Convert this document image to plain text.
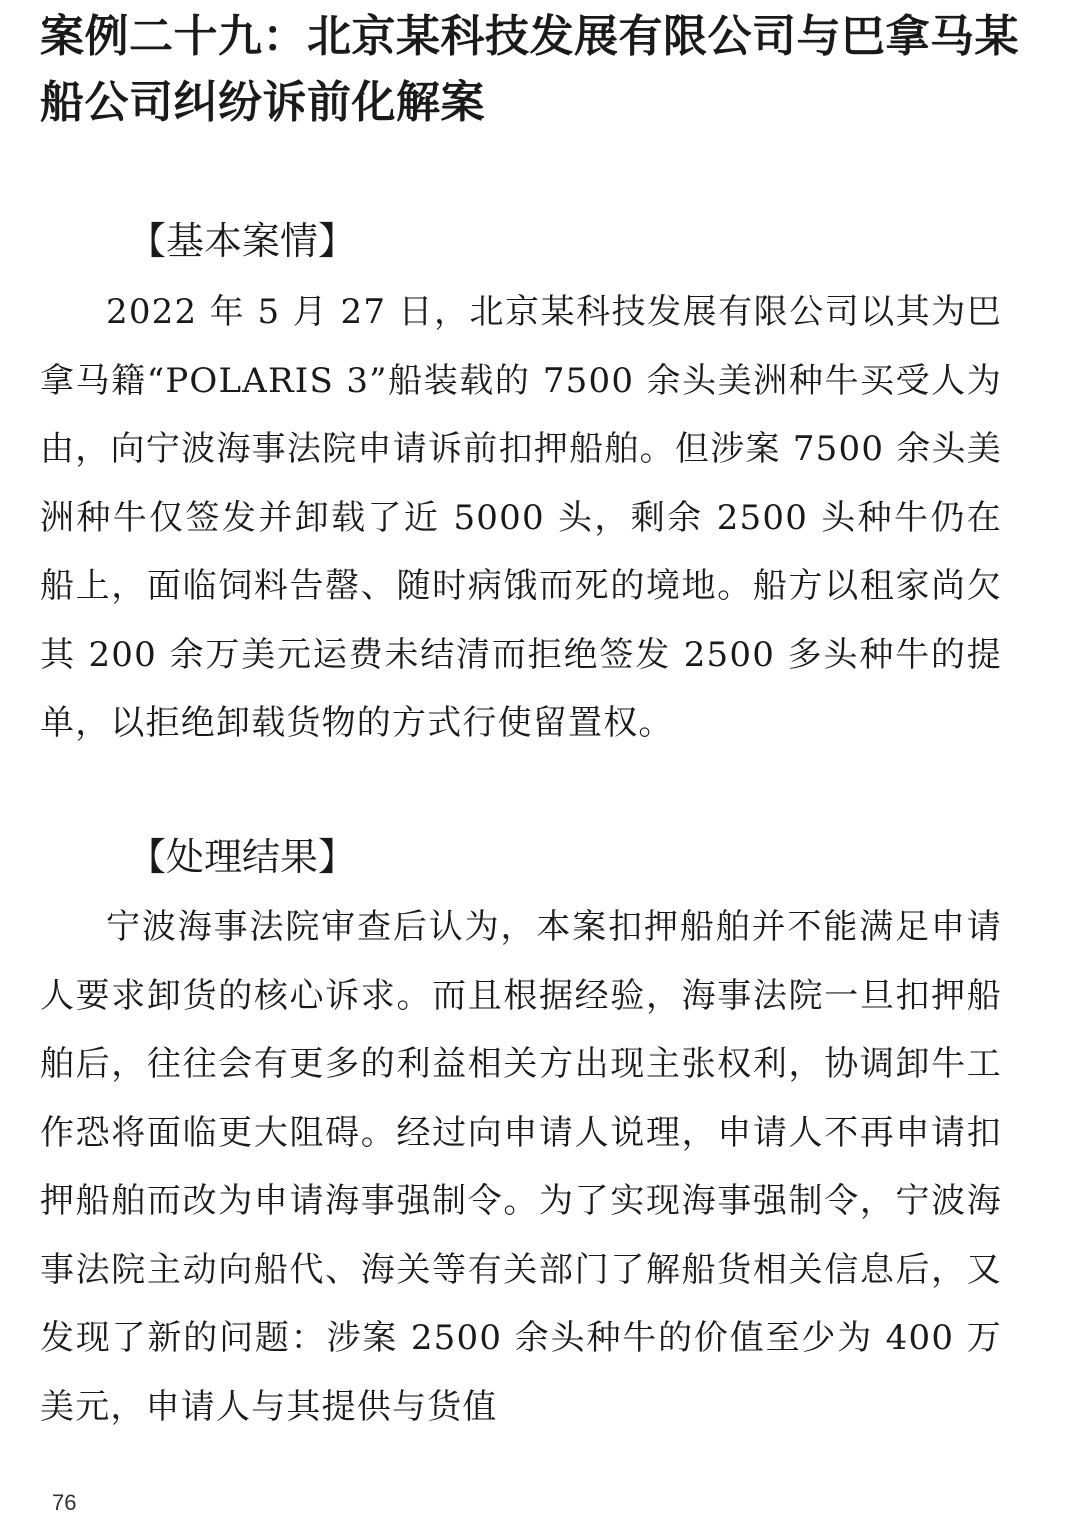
案例二十九：北京某科技发展有限公司与巴拿马某船公司纠纷诉前化解案
【基本案情】

2022 年 5 月 27 日，北京某科技发展有限公司以其为巴拿马籍“POLARIS 3”船装载的 7500 余头美洲种牛买受人为由，向宁波海事法院申请诉前扣押船舶。但涉案 7500 余头美洲种牛仅签发并卸载了近 5000 头，剩余 2500 头种牛仍在船上，面临饲料告罄、随时病饿而死的境地。船方以租家尚欠其 200 余万美元运费未结清而拒绝签发 2500 多头种牛的提单，以拒绝卸载货物的方式行使留置权。

【处理结果】

宁波海事法院审查后认为，本案扣押船舶并不能满足申请人要求卸货的核心诉求。而且根据经验，海事法院一旦扣押船舶后，往往会有更多的利益相关方出现主张权利，协调卸牛工作恐将面临更大阻碍。经过向申请人说理，申请人不再申请扣押船舶而改为申请海事强制令。为了实现海事强制令，宁波海事法院主动向船代、海关等有关部门了解船货相关信息后，又发现了新的问题：涉案 2500 余头种牛的价值至少为 400 万美元，申请人与其提供与货值

76
